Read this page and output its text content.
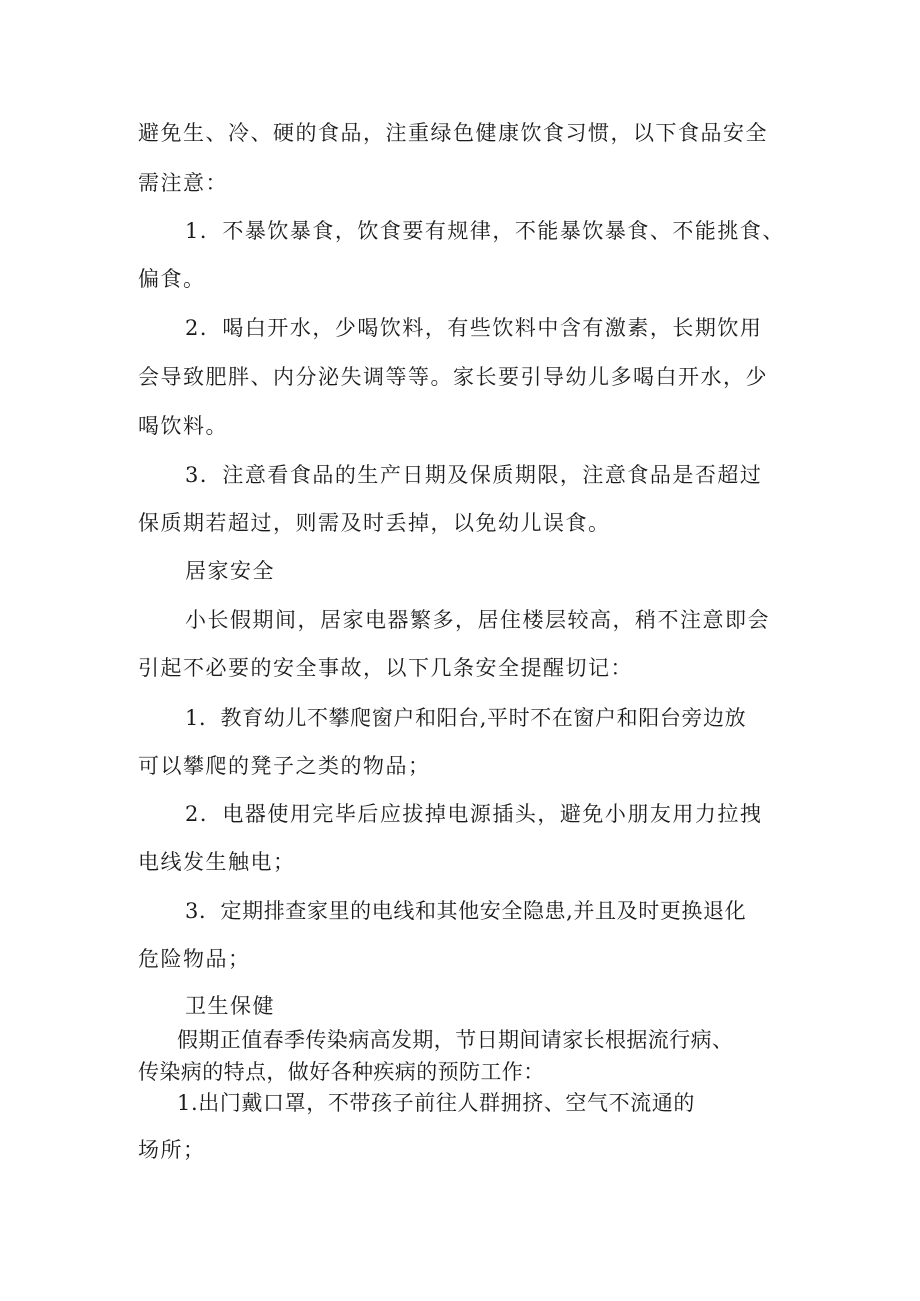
避免生、冷、硬的食品，注重绿色健康饮食习惯，以下食品安全

需注意：

1．不暴饮暴食，饮食要有规律，不能暴饮暴食、不能挑食、

偏食。

2．喝白开水，少喝饮料，有些饮料中含有激素，长期饮用

会导致肥胖、内分泌失调等等。家长要引导幼儿多喝白开水，少

喝饮料。

3．注意看食品的生产日期及保质期限，注意食品是否超过

保质期若超过，则需及时丢掉，以免幼儿误食。

居家安全

小长假期间，居家电器繁多，居住楼层较高，稍不注意即会

引起不必要的安全事故，以下几条安全提醒切记：

1．教育幼儿不攀爬窗户和阳台,平时不在窗户和阳台旁边放

可以攀爬的凳子之类的物品；

2．电器使用完毕后应拔掉电源插头，避免小朋友用力拉拽

电线发生触电；

3．定期排查家里的电线和其他安全隐患,并且及时更换退化

危险物品；

卫生保健

假期正值春季传染病高发期，节日期间请家长根据流行病、

传染病的特点，做好各种疾病的预防工作：

1.出门戴口罩，不带孩子前往人群拥挤、空气不流通的

场所；
